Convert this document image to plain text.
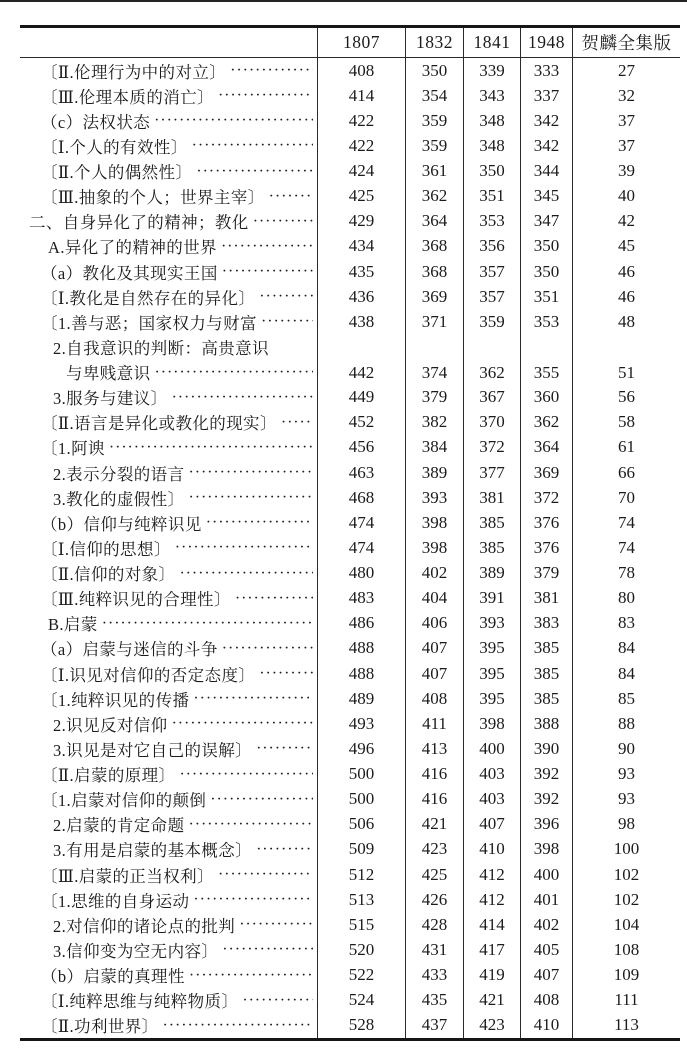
1807 1832 1841 1948 贺麟全集版
〔Ⅱ.伦理行为中的对立〕 ·····	408	350 339 333	27
〔Ⅲ.伦理本质的消亡〕 ·····	414	354 343 337	32
（c）法权状态 ·····	422	359 348 342	37
〔Ⅰ.个人的有效性〕 ·····	422	359 348 342	37
〔Ⅱ.个人的偶然性〕 ·····	424	361 350 344	39
〔Ⅲ.抽象的个人；世界主宰〕 ·····	425	362 351 345	40
二、自身异化了的精神；教化 ·····	429	364 353 347	42
A.异化了的精神的世界 ·····	434	368 356 350	45
（a）教化及其现实王国 ·····	435	368 357 350	46
〔Ⅰ.教化是自然存在的异化〕 ·····	436	369 357 351	46
〔1.善与恶；国家权力与财富 ·····	438	371 359 353	48
2.自我意识的判断：高贵意识
与卑贱意识 ·····	442	374 362 355	51
3.服务与建议〕 ·····	449	379 367 360	56
〔Ⅱ.语言是异化或教化的现实〕 ·····	452	382 370 362	58
〔1.阿谀 ·····	456	384 372 364	61
2.表示分裂的语言 ·····	463	389 377 369	66
3.教化的虚假性〕 ·····	468	393 381 372	70
（b）信仰与纯粹识见 ·····	474	398 385 376	74
〔Ⅰ.信仰的思想〕 ·····	474	398 385 376	74
〔Ⅱ.信仰的对象〕 ·····	480	402 389 379	78
〔Ⅲ.纯粹识见的合理性〕 ·····	483	404 391 381	80
B.启蒙 ·····	486	406 393 383	83
（a）启蒙与迷信的斗争 ·····	488	407 395 385	84
〔Ⅰ.识见对信仰的否定态度〕 ·····	488	407 395 385	84
〔1.纯粹识见的传播 ·····	489	408 395 385	85
2.识见反对信仰 ·····	493	411 398 388	88
3.识见是对它自己的误解〕 ·····	496	413 400 390	90
〔Ⅱ.启蒙的原理〕 ·····	500	416 403 392	93
〔1.启蒙对信仰的颠倒 ·····	500	416 403 392	93
2.启蒙的肯定命题 ·····	506	421 407 396	98
3.有用是启蒙的基本概念〕 ·····	509	423 410 398	100
〔Ⅲ.启蒙的正当权利〕 ·····	512	425 412 400	102
〔1.思维的自身运动 ·····	513	426 412 401	102
2.对信仰的诸论点的批判 ·····	515	428 414 402	104
3.信仰变为空无内容〕 ·····	520	431 417 405	108
（b）启蒙的真理性 ·····	522	433 419 407	109
〔Ⅰ.纯粹思维与纯粹物质〕 ·····	524	435 421 408	111
〔Ⅱ.功利世界〕 ·····	528	437 423 410	113
